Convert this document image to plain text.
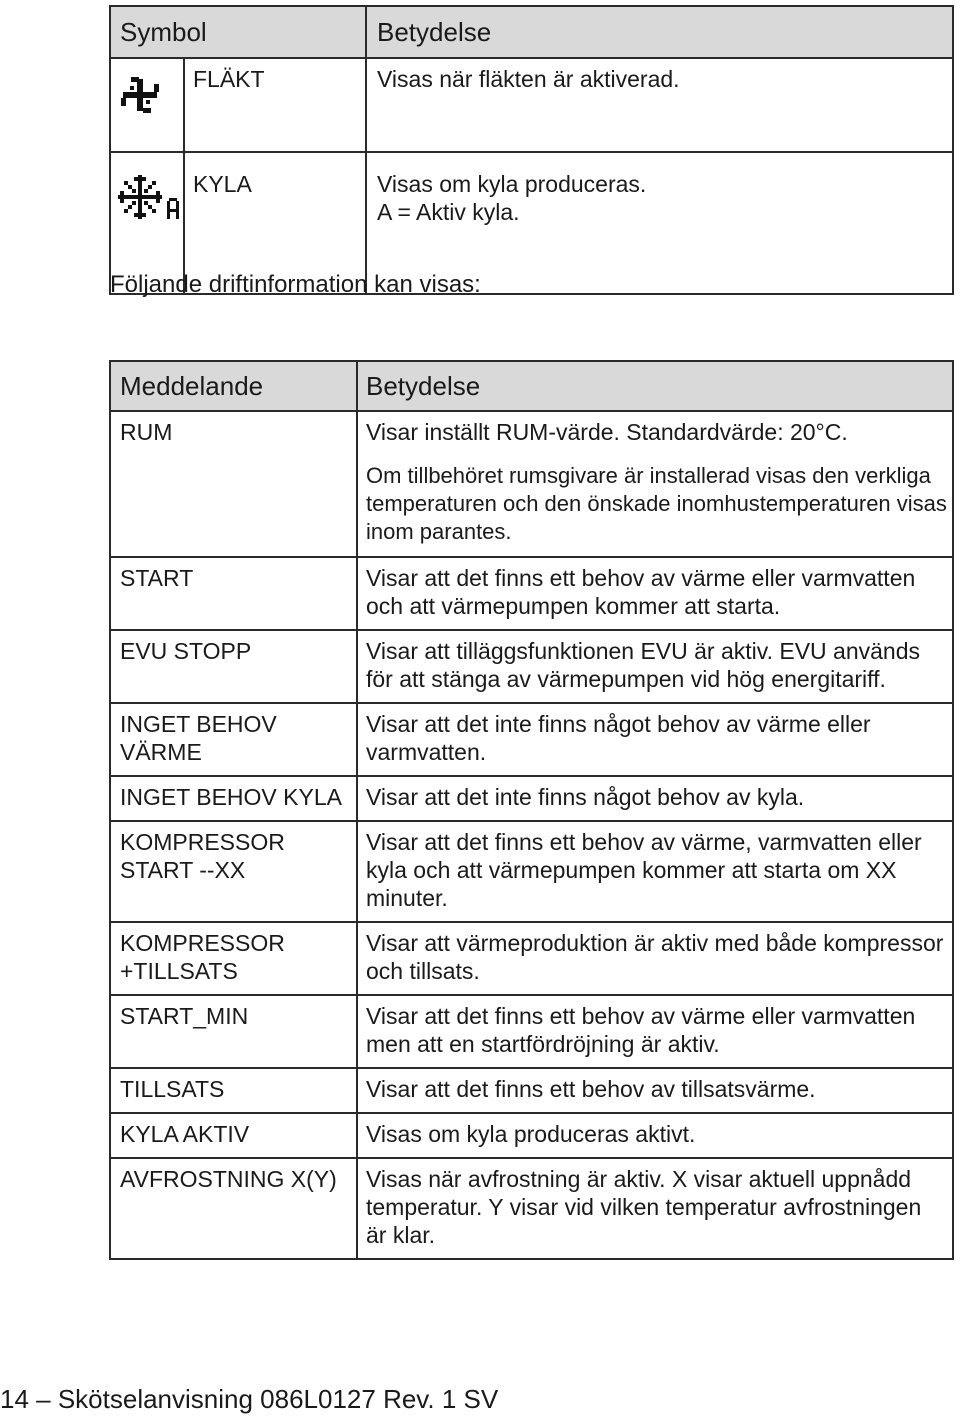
Symbol	Betydelse

FLÄKT	Visas när fläkten är aktiverad.

KYLA	Visas om kyla produceras.
A = Aktiv kyla.
Följande driftinformation kan visas:
Meddelande	Betydelse
RUM	Visar inställt RUM-värde. Standardvärde: 20°C.
Om tillbehöret rumsgivare är installerad visas den verkliga temperaturen och den önskade inomhustemperaturen visas inom parantes.

START	Visar att det finns ett behov av värme eller varmvatten och att värmepumpen kommer att starta.
EVU STOPP	Visar att tilläggsfunktionen EVU är aktiv. EVU används för att stänga av värmepumpen vid hög energitariff.
INGET BEHOV VÄRME	Visar att det inte finns något behov av värme eller varmvatten.
INGET BEHOV KYLA	Visar att det inte finns något behov av kyla.
KOMPRESSOR START --XX	Visar att det finns ett behov av värme, varmvatten eller kyla och att värmepumpen kommer att starta om XX minuter.
KOMPRESSOR +TILLSATS	Visar att värmeproduktion är aktiv med både kompressor och tillsats.
START_MIN	Visar att det finns ett behov av värme eller varmvatten men att en startfördröjning är aktiv.
TILLSATS	Visar att det finns ett behov av tillsatsvärme.
KYLA AKTIV	Visas om kyla produceras aktivt.
AVFROSTNING X(Y)	Visas när avfrostning är aktiv. X visar aktuell uppnådd temperatur. Y visar vid vilken temperatur avfrostningen är klar.
14 – Skötselanvisning 086L0127 Rev. 1 SV
